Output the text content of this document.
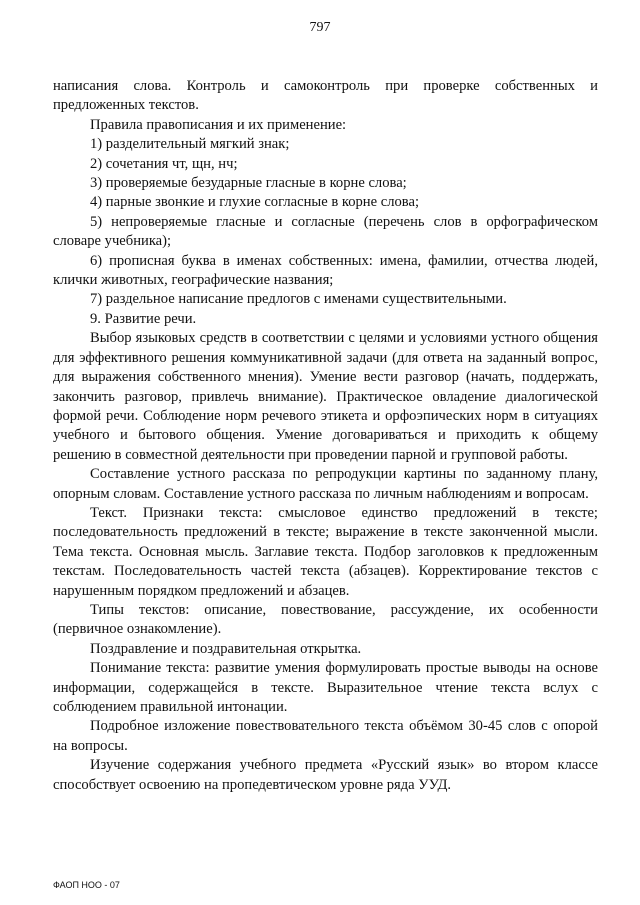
797

написания слова. Контроль и самоконтроль при проверке собственных и предложенных текстов.

Правила правописания и их применение:

1) разделительный мягкий знак;

2) сочетания чт, щн, нч;

3) проверяемые безударные гласные в корне слова;

4) парные звонкие и глухие согласные в корне слова;

5) непроверяемые гласные и согласные (перечень слов в орфографическом словаре учебника);

6) прописная буква в именах собственных: имена, фамилии, отчества людей, клички животных, географические названия;

7) раздельное написание предлогов с именами существительными.

9. Развитие речи.

Выбор языковых средств в соответствии с целями и условиями устного общения для эффективного решения коммуникативной задачи (для ответа на заданный вопрос, для выражения собственного мнения). Умение вести разговор (начать, поддержать, закончить разговор, привлечь внимание). Практическое овладение диалогической формой речи. Соблюдение норм речевого этикета и орфоэпических норм в ситуациях учебного и бытового общения. Умение договариваться и приходить к общему решению в совместной деятельности при проведении парной и групповой работы.

Составление устного рассказа по репродукции картины по заданному плану, опорным словам. Составление устного рассказа по личным наблюдениям и вопросам.

Текст. Признаки текста: смысловое единство предложений в тексте; последовательность предложений в тексте; выражение в тексте законченной мысли. Тема текста. Основная мысль. Заглавие текста. Подбор заголовков к предложенным текстам. Последовательность частей текста (абзацев). Корректирование текстов с нарушенным порядком предложений и абзацев.

Типы текстов: описание, повествование, рассуждение, их особенности (первичное ознакомление).

Поздравление и поздравительная открытка.

Понимание текста: развитие умения формулировать простые выводы на основе информации, содержащейся в тексте. Выразительное чтение текста вслух с соблюдением правильной интонации.

Подробное изложение повествовательного текста объёмом 30-45 слов с опорой на вопросы.

Изучение содержания учебного предмета «Русский язык» во втором классе способствует освоению на пропедевтическом уровне ряда УУД.

ФАОП НОО - 07
